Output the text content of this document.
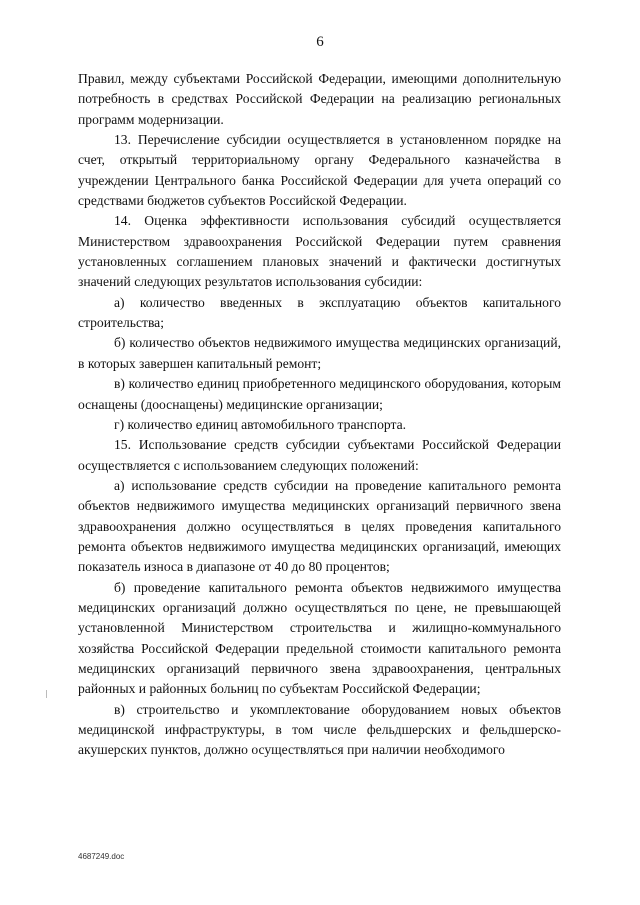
6

Правил, между субъектами Российской Федерации, имеющими дополнительную потребность в средствах Российской Федерации на реализацию региональных программ модернизации.

13. Перечисление субсидии осуществляется в установленном порядке на счет, открытый территориальному органу Федерального казначейства в учреждении Центрального банка Российской Федерации для учета операций со средствами бюджетов субъектов Российской Федерации.

14. Оценка эффективности использования субсидий осуществляется Министерством здравоохранения Российской Федерации путем сравнения установленных соглашением плановых значений и фактически достигнутых значений следующих результатов использования субсидии:

а) количество введенных в эксплуатацию объектов капитального строительства;

б) количество объектов недвижимого имущества медицинских организаций, в которых завершен капитальный ремонт;

в) количество единиц приобретенного медицинского оборудования, которым оснащены (дооснащены) медицинские организации;

г) количество единиц автомобильного транспорта.

15. Использование средств субсидии субъектами Российской Федерации осуществляется с использованием следующих положений:

а) использование средств субсидии на проведение капитального ремонта объектов недвижимого имущества медицинских организаций первичного звена здравоохранения должно осуществляться в целях проведения капитального ремонта объектов недвижимого имущества медицинских организаций, имеющих показатель износа в диапазоне от 40 до 80 процентов;

б) проведение капитального ремонта объектов недвижимого имущества медицинских организаций должно осуществляться по цене, не превышающей установленной Министерством строительства и жилищно-коммунального хозяйства Российской Федерации предельной стоимости капитального ремонта медицинских организаций первичного звена здравоохранения, центральных районных и районных больниц по субъектам Российской Федерации;

в) строительство и укомплектование оборудованием новых объектов медицинской инфраструктуры, в том числе фельдшерских и фельдшерско-акушерских пунктов, должно осуществляться при наличии необходимого

4687249.doc
